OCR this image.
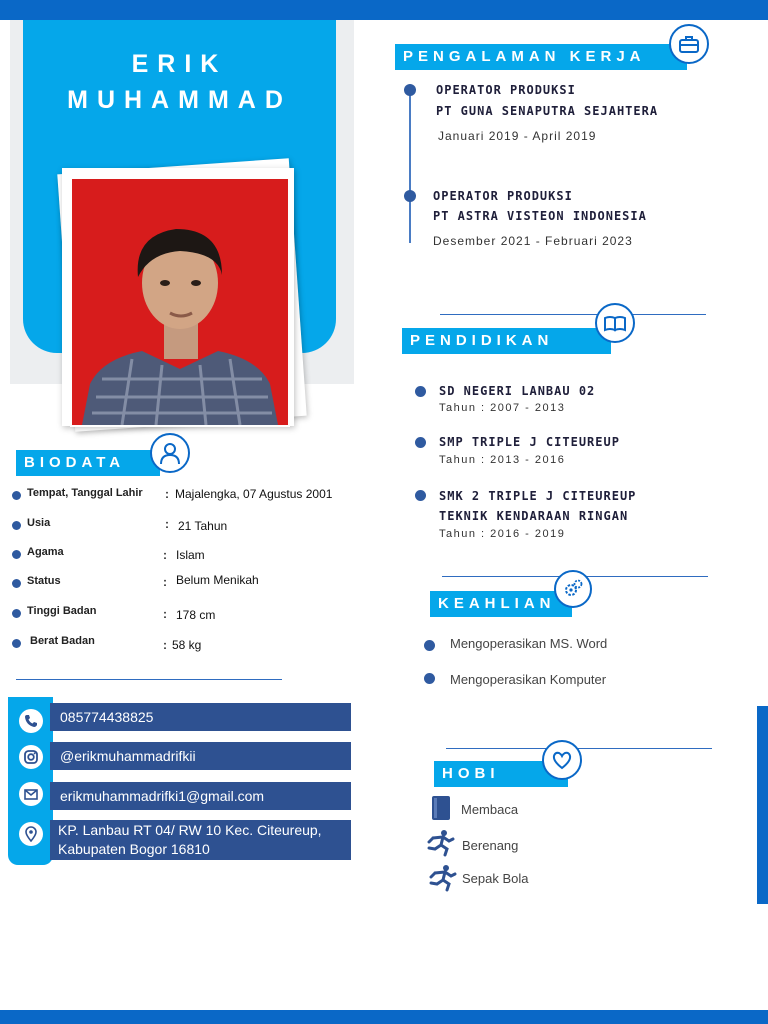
ERIK
MUHAMMAD
BIODATA
Tempat, Tanggal Lahir : Majalengka, 07 Agustus 2001
Usia	: 21 Tahun
Agama	: Islam
Status	: Belum Menikah
Tinggi Badan	: 178 cm
Berat Badan	: 58 kg
085774438825
@erikmuhammadrifkii
erikmuhammadrifki1@gmail.com
KP. Lanbau RT 04/ RW 10 Kec. Citeureup,
Kabupaten Bogor 16810
PENGALAMAN KERJA
OPERATOR PRODUKSI
PT GUNA SENAPUTRA SEJAHTERA
Januari 2019 - April 2019
OPERATOR PRODUKSI
PT ASTRA VISTEON INDONESIA
Desember 2021 - Februari 2023
PENDIDIKAN
SD NEGERI LANBAU 02
Tahun : 2007 - 2013
SMP TRIPLE J CITEUREUP
Tahun : 2013 - 2016
SMK 2 TRIPLE J CITEUREUP
TEKNIK KENDARAAN RINGAN
Tahun : 2016 - 2019
KEAHLIAN
Mengoperasikan MS. Word
Mengoperasikan Komputer
HOBI
Membaca
Berenang
Sepak Bola
